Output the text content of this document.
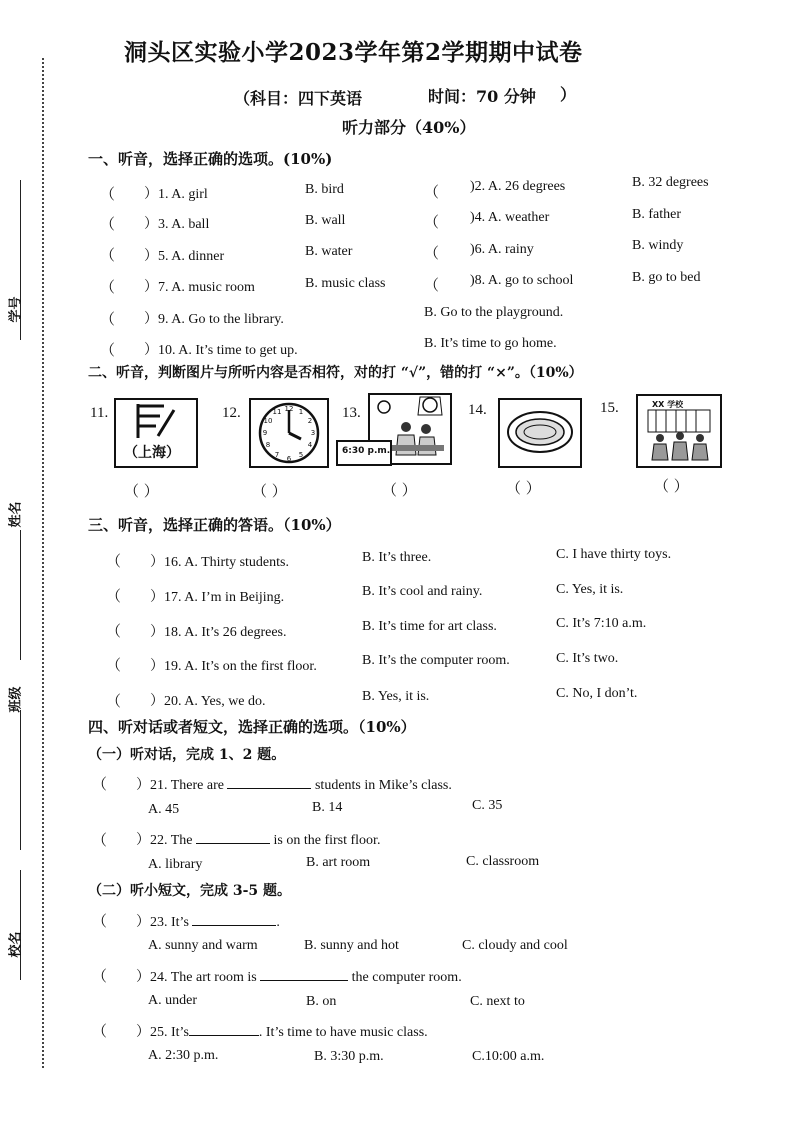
学号
姓名
班级
校名
洞头区实验小学2023学年第2学期期中试卷
（科目：四下英语	时间：70 分钟 ）
听力部分（40%）
一、听音，选择正确的选项。(10%)
（ ）1. A. girl	B. bird	（ )2. A. 26 degrees	B. 32 degrees
（ ）3. A. ball	B. wall	（ )4. A. weather	B. father
（ ）5. A. dinner	B. water	（ )6. A. rainy	B. windy
（ ）7. A. music room	B. music class	（ )8. A. go to school	B. go to bed
（ ）9. A. Go to the library.	B. Go to the playground.
（ ）10. A. It’s time to get up.	B. It’s time to go home.
二、听音，判断图片与所听内容是否相符，对的打 “√”，错的打 “×”。（10%）
11.
（上海）
12.	12 1
2
3
4
5
6
7
8
9
10
11	13.
6:30 p.m.
14.	15.	XX 学校
（ ）	（ ）	（ ）	（ ）	（ ）
三、听音，选择正确的答语。（10%）
（ ）16. A. Thirty students.	B. It’s three.	C. I have thirty toys.
（ ）17. A. I’m in Beijing.	B. It’s cool and rainy.	C. Yes, it is.
（ ）18. A. It’s 26 degrees.	B. It’s time for art class.	C. It’s 7:10 a.m.
（ ）19. A. It’s on the first floor.	B. It’s the computer room.	C. It’s two.
（ ）20. A. Yes, we do.	B. Yes, it is.	C. No, I don’t.
四、听对话或者短文，选择正确的选项。（10%）
（一）听对话，完成 1、2 题。
（ ）21. There are	students in Mike’s class.
A. 45	B. 14	C. 35
（ ）22. The	is on the first floor.
A. library	B. art room	C. classroom
（二）听小短文，完成 3-5 题。
（ ）23. It’s	.
A. sunny and warm	B. sunny and hot	C. cloudy and cool
（ ）24. The art room is	the computer room.
A. under	B. on	C. next to
（ ）25. It’s	. It’s time to have music class.
A. 2:30 p.m.	B. 3:30 p.m.	C.10:00 a.m.
